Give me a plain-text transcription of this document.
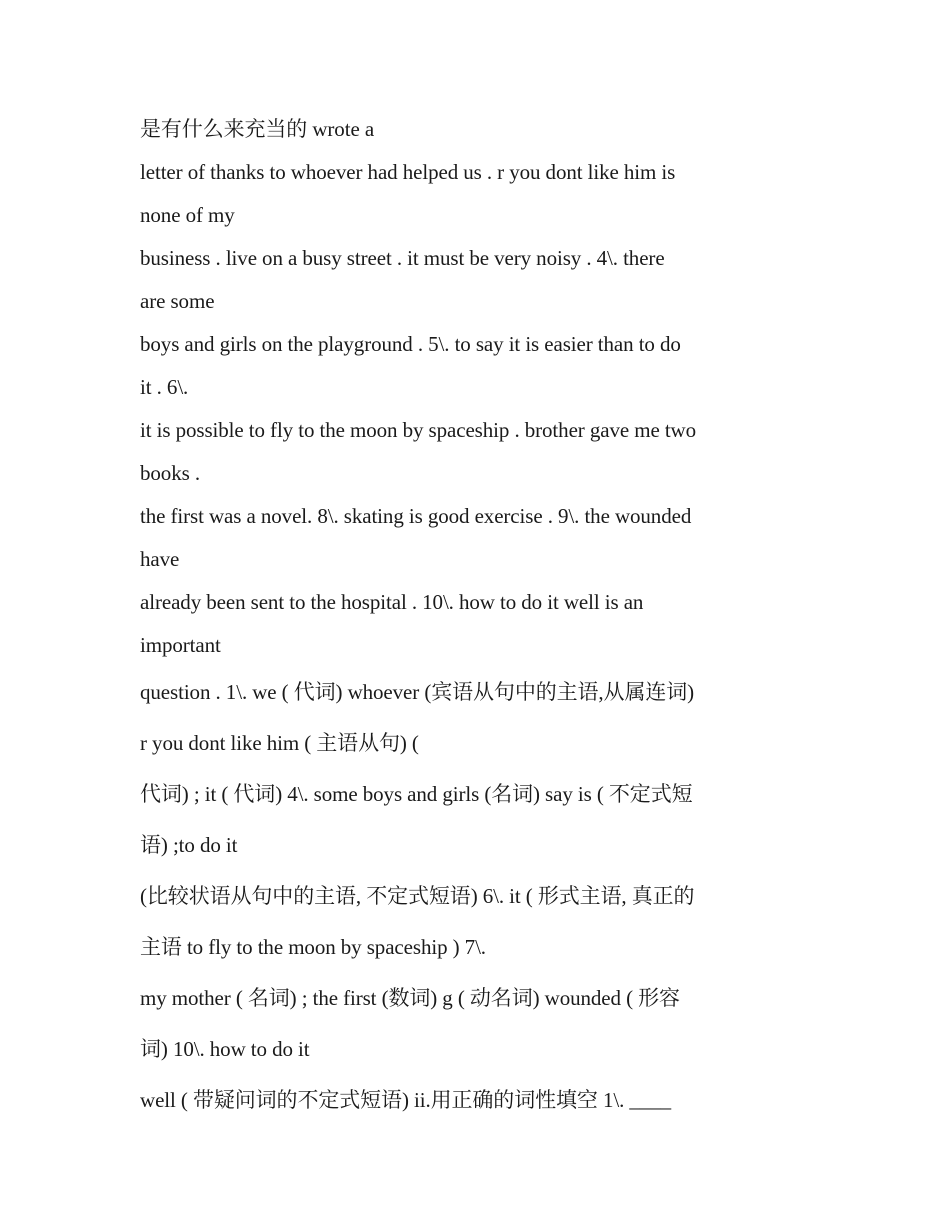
是有什么来充当的 wrote a
letter of thanks to whoever had helped us . r you dont like him is
none of my
business . live on a busy street . it must be very noisy . 4\. there
are some
boys and girls on the playground . 5\. to say it is easier than to do
it . 6\.
it is possible to fly to the moon by spaceship . brother gave me two
books .
the first was a novel. 8\. skating is good exercise . 9\. the wounded
have
already been sent to the hospital . 10\. how to do it well is an
important
question . 1\. we ( 代词) whoever (宾语从句中的主语,从属连词)
r you dont like him ( 主语从句) (
代词) ; it ( 代词) 4\. some boys and girls (名词) say is ( 不定式短
语) ;to do it
(比较状语从句中的主语, 不定式短语) 6\. it ( 形式主语, 真正的
主语 to fly to the moon by spaceship ) 7\.
my mother ( 名词) ; the first (数词) g ( 动名词) wounded ( 形容
词) 10\. how to do it
well ( 带疑问词的不定式短语) ii.用正确的词性填空 1\. ____
